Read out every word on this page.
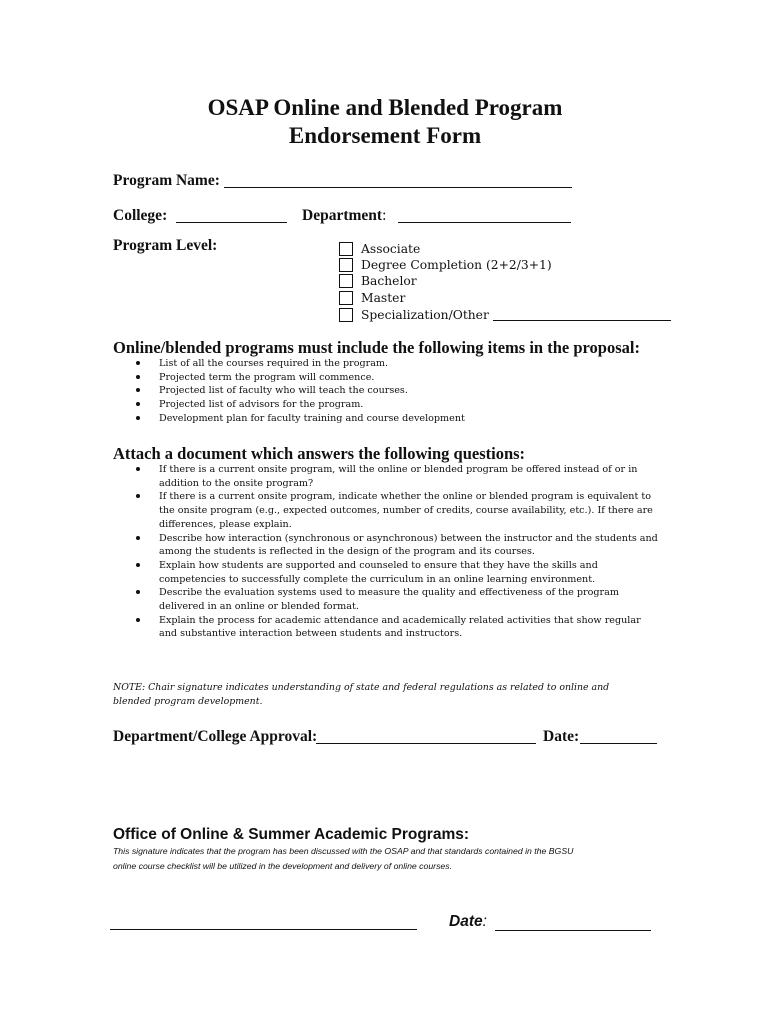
OSAP Online and Blended Program
Endorsement Form
Program Name:
College:	Department:
Program Level:	Associate
Degree Completion (2+2/3+1)
Bachelor
Master
Specialization/Other
Online/blended programs must include the following items in the proposal:
List of all the courses required in the program.
Projected term the program will commence.
Projected list of faculty who will teach the courses.
Projected list of advisors for the program.
Development plan for faculty training and course development
Attach a document which answers the following questions:
If there is a current onsite program, will the online or blended program be offered instead of or in
addition to the onsite program?
If there is a current onsite program, indicate whether the online or blended program is equivalent to
the onsite program (e.g., expected outcomes, number of credits, course availability, etc.). If there are
differences, please explain.
Describe how interaction (synchronous or asynchronous) between the instructor and the students and
among the students is reflected in the design of the program and its courses.
Explain how students are supported and counseled to ensure that they have the skills and
competencies to successfully complete the curriculum in an online learning environment.
Describe the evaluation systems used to measure the quality and effectiveness of the program
delivered in an online or blended format.
Explain the process for academic attendance and academically related activities that show regular
and substantive interaction between students and instructors.
NOTE: Chair signature indicates understanding of state and federal regulations as related to online and
blended program development.
Department/College Approval:	Date:
Office of Online & Summer Academic Programs:
This signature indicates that the program has been discussed with the OSAP and that standards contained in the BGSU
online course checklist will be utilized in the development and delivery of online courses.
Date:
